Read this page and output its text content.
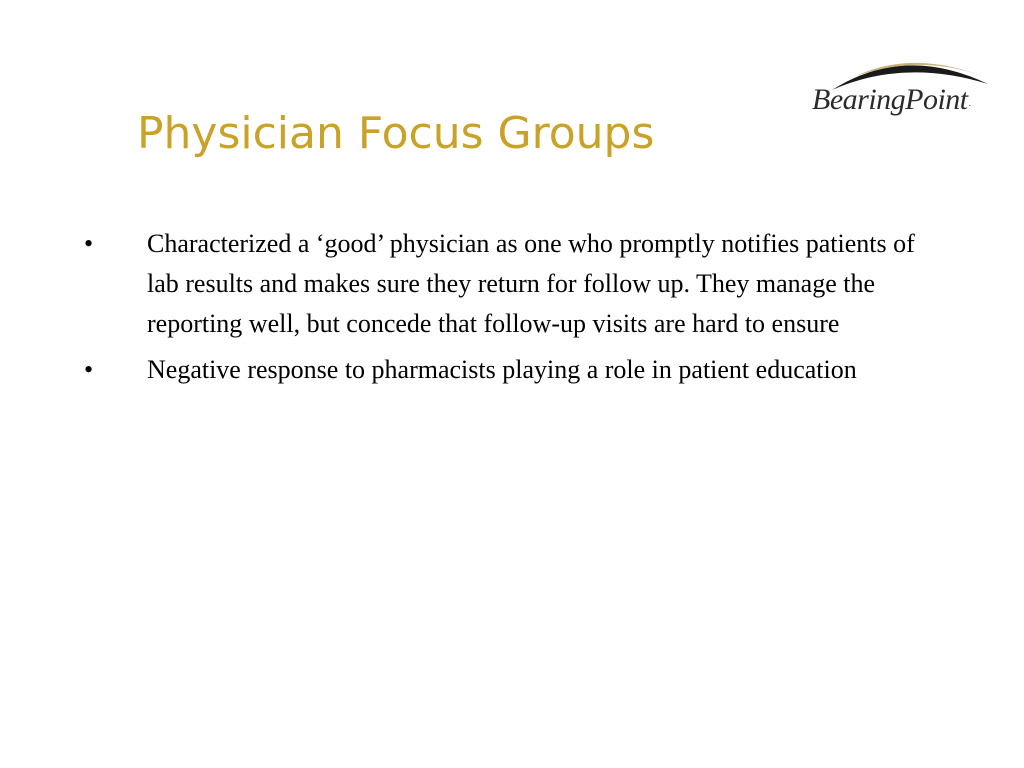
Physician Focus Groups
BearingPoint.
• Characterized a ‘good’ physician as one who promptly notifies patients of lab results and makes sure they return for follow up. They manage the reporting well, but concede that follow-up visits are hard to ensure
• Negative response to pharmacists playing a role in patient education
